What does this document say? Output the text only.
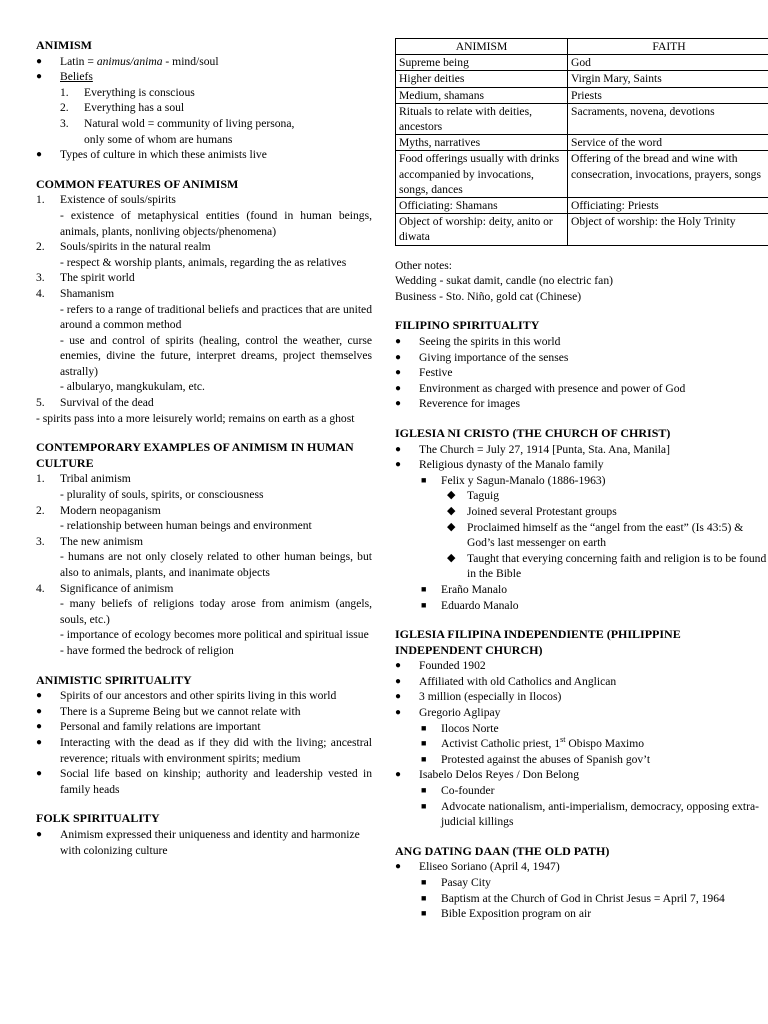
ANIMISM
●	Latin = animus/anima - mind/soul
●	Beliefs
1.	Everything is conscious
2.	Everything has a soul
3.	Natural wold = community of living persona,
only some of whom are humans
●	Types of culture in which these animists live
COMMON FEATURES OF ANIMISM
1.	Existence of souls/spirits
- existence of metaphysical entities (found in human beings, animals, plants, nonliving objects/phenomena)
2.	Souls/spirits in the natural realm
- respect & worship plants, animals, regarding the as relatives
3.	The spirit world
4.	Shamanism
- refers to a range of traditional beliefs and practices that are united around a common method
- use and control of spirits (healing, control the weather, curse enemies, divine the future, interpret dreams, project themselves astrally)
- albularyo, mangkukulam, etc.
5.	Survival of the dead
- spirits pass into a more leisurely world; remains on earth as a ghost
CONTEMPORARY EXAMPLES OF ANIMISM IN HUMAN CULTURE
1.	Tribal animism
- plurality of souls, spirits, or consciousness
2.	Modern neopaganism
- relationship between human beings and environment
3.	The new animism
- humans are not only closely related to other human beings, but also to animals, plants, and inanimate objects
4.	Significance of animism
- many beliefs of religions today arose from animism (angels, souls, etc.)
- importance of ecology becomes more political and spiritual issue
- have formed the bedrock of religion
ANIMISTIC SPIRITUALITY
●	Spirits of our ancestors and other spirits living in this world
●	There is a Supreme Being but we cannot relate with
●	Personal and family relations are important
●	Interacting with the dead as if they did with the living; ancestral reverence; rituals with environment spirits; medium
●	Social life based on kinship; authority and leadership vested in family heads
FOLK SPIRITUALITY
●	Animism expressed their uniqueness and identity and harmonize with colonizing culture
ANIMISM	FAITH
Supreme being	God
Higher deities	Virgin Mary, Saints
Medium, shamans	Priests
Rituals to relate with deities, ancestors	Sacraments, novena, devotions
Myths, narratives	Service of the word
Food offerings usually with drinks accompanied by invocations, songs, dances	Offering of the bread and wine with consecration, invocations, prayers, songs
Officiating: Shamans	Officiating: Priests
Object of worship: deity, anito or diwata	Object of worship: the Holy Trinity
Other notes:
Wedding - sukat damit, candle (no electric fan)
Business - Sto. Niño, gold cat (Chinese)
FILIPINO SPIRITUALITY
●	Seeing the spirits in this world
●	Giving importance of the senses
●	Festive
●	Environment as charged with presence and power of God
●	Reverence for images
IGLESIA NI CRISTO (THE CHURCH OF CHRIST)
●	The Church = July 27, 1914 [Punta, Sta. Ana, Manila]
●	Religious dynasty of the Manalo family
■	Felix y Sagun-Manalo (1886-1963)
◆ Taguig
◆ Joined several Protestant groups
◆ Proclaimed himself as the “angel from the east” (Is 43:5) & God’s last messenger on earth
◆ Taught that everying concerning faith and religion is to be found in the Bible
■	Eraño Manalo
■	Eduardo Manalo
IGLESIA FILIPINA INDEPENDIENTE (PHILIPPINE INDEPENDENT CHURCH)
●	Founded 1902
●	Affiliated with old Catholics and Anglican
●	3 million (especially in Ilocos)
●	Gregorio Aglipay
■	Ilocos Norte
■	Activist Catholic priest, 1st Obispo Maximo
■	Protested against the abuses of Spanish gov’t
●	Isabelo Delos Reyes / Don Belong
■	Co-founder
■	Advocate nationalism, anti-imperialism, democracy, opposing extra-judicial killings
ANG DATING DAAN (THE OLD PATH)
●	Eliseo Soriano (April 4, 1947)
■	Pasay City
■	Baptism at the Church of God in Christ Jesus = April 7, 1964
■	Bible Exposition program on air
